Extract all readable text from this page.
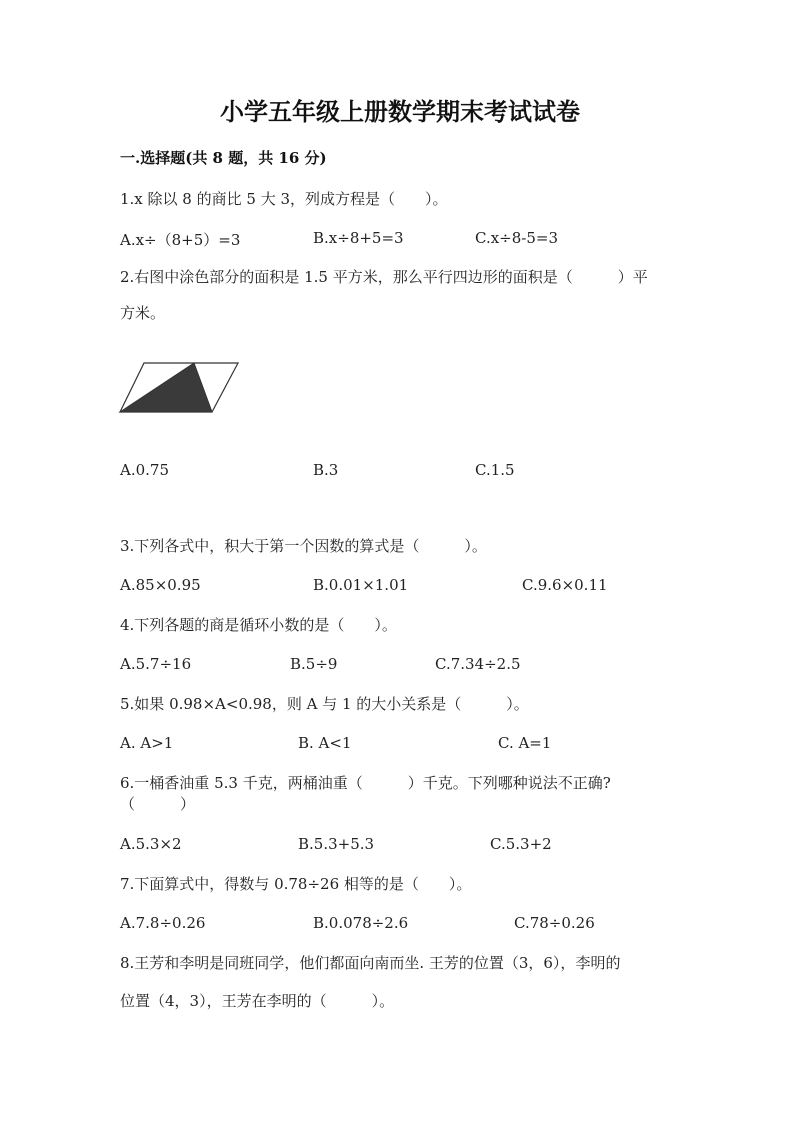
小学五年级上册数学期末考试试卷
一.选择题(共 8 题，共 16 分)
1.x 除以 8 的商比 5 大 3，列成方程是（　　）。
A.x÷（8+5）=3	B.x÷8+5=3	C.x÷8-5=3
2.右图中涂色部分的面积是 1.5 平方米，那么平行四边形的面积是（　　　）平
方米。
A.0.75	B.3	C.1.5
3.下列各式中，积大于第一个因数的算式是（　　　）。
A.85×0.95	B.0.01×1.01	C.9.6×0.11
4.下列各题的商是循环小数的是（　　）。
A.5.7÷16	B.5÷9	C.7.34÷2.5
5.如果 0.98×A<0.98，则 A 与 1 的大小关系是（　　　）。
A. A>1	B. A<1	C. A=1
6.一桶香油重 5.3 千克，两桶油重（　　　）千克。下列哪种说法不正确?
（　　　）
A.5.3×2	B.5.3+5.3	C.5.3+2
7.下面算式中，得数与 0.78÷26 相等的是（　　）。
A.7.8÷0.26	B.0.078÷2.6	C.78÷0.26
8.王芳和李明是同班同学，他们都面向南而坐. 王芳的位置（3，6），李明的
位置（4，3），王芳在李明的（　　　）。
